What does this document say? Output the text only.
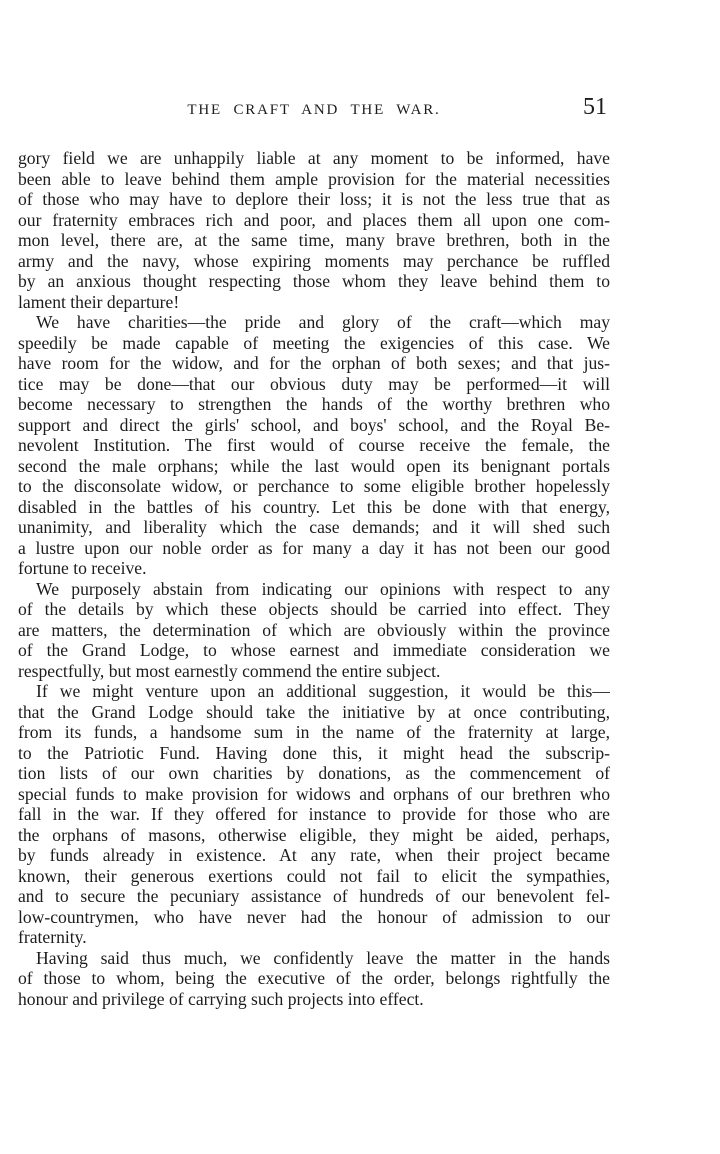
THE CRAFT AND THE WAR.	51
gory field we are unhappily liable at any moment to be informed, have
been able to leave behind them ample provision for the material necessities
of those who may have to deplore their loss; it is not the less true that as
our fraternity embraces rich and poor, and places them all upon one com-
mon level, there are, at the same time, many brave brethren, both in the
army and the navy, whose expiring moments may perchance be ruffled
by an anxious thought respecting those whom they leave behind them to
lament their departure!
We have charities—the pride and glory of the craft—which may
speedily be made capable of meeting the exigencies of this case. We
have room for the widow, and for the orphan of both sexes; and that jus-
tice may be done—that our obvious duty may be performed—it will
become necessary to strengthen the hands of the worthy brethren who
support and direct the girls' school, and boys' school, and the Royal Be-
nevolent Institution. The first would of course receive the female, the
second the male orphans; while the last would open its benignant portals
to the disconsolate widow, or perchance to some eligible brother hopelessly
disabled in the battles of his country. Let this be done with that energy,
unanimity, and liberality which the case demands; and it will shed such
a lustre upon our noble order as for many a day it has not been our good
fortune to receive.
We purposely abstain from indicating our opinions with respect to any
of the details by which these objects should be carried into effect. They
are matters, the determination of which are obviously within the province
of the Grand Lodge, to whose earnest and immediate consideration we
respectfully, but most earnestly commend the entire subject.
If we might venture upon an additional suggestion, it would be this—
that the Grand Lodge should take the initiative by at once contributing,
from its funds, a handsome sum in the name of the fraternity at large,
to the Patriotic Fund. Having done this, it might head the subscrip-
tion lists of our own charities by donations, as the commencement of
special funds to make provision for widows and orphans of our brethren who
fall in the war. If they offered for instance to provide for those who are
the orphans of masons, otherwise eligible, they might be aided, perhaps,
by funds already in existence. At any rate, when their project became
known, their generous exertions could not fail to elicit the sympathies,
and to secure the pecuniary assistance of hundreds of our benevolent fel-
low-countrymen, who have never had the honour of admission to our
fraternity.
Having said thus much, we confidently leave the matter in the hands
of those to whom, being the executive of the order, belongs rightfully the
honour and privilege of carrying such projects into effect.
